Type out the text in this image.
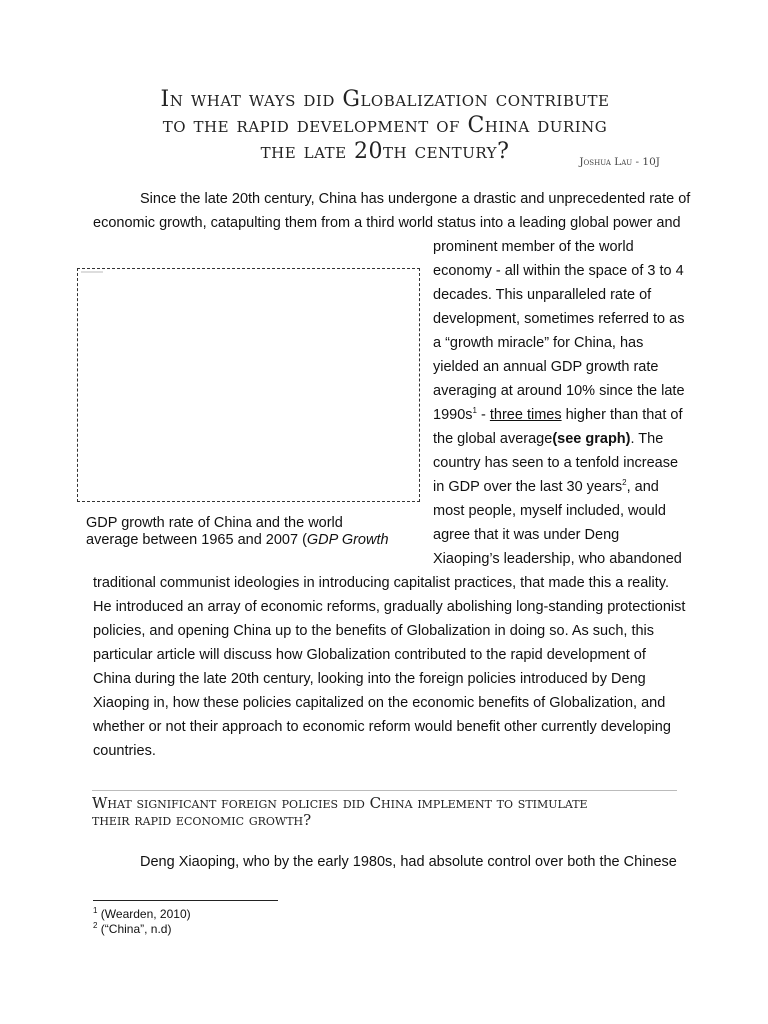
In what ways did Globalization contribute
to the rapid development of China during
the late 20th century?	Joshua Lau - 10J
Since the late 20th century, China has undergone a drastic and unprecedented rate of
economic growth, catapulting them from a third world status into a leading global power and
prominent member of the world
economy - all within the space of 3 to 4
decades. This unparalleled rate of
development, sometimes referred to as
a “growth miracle” for China, has
yielded an annual GDP growth rate
averaging at around 10% since the late
$1990s^1$ - three times higher than that of
the global average(see graph). The
country has seen to a tenfold increase
in GDP over the last 30 years$^2$, and
most people, myself included, would
agree that it was under Deng
Xiaoping’s leadership, who abandoned
traditional communist ideologies in introducing capitalist practices, that made this a reality.
He introduced an array of economic reforms, gradually abolishing long-standing protectionist
policies, and opening China up to the benefits of Globalization in doing so. As such, this
particular article will discuss how Globalization contributed to the rapid development of
China during the late 20th century, looking into the foreign policies introduced by Deng
Xiaoping in, how these policies capitalized on the economic benefits of Globalization, and
whether or not their approach to economic reform would benefit other currently developing
countries.
GDP growth rate of China and the world
average between 1965 and 2007 (GDP Growth
What significant foreign policies did China implement to stimulate
their rapid economic growth?
Deng Xiaoping, who by the early 1980s, had absolute control over both the Chinese
$^1$ (Wearden, 2010)
$^2$ (“China”, n.d)
